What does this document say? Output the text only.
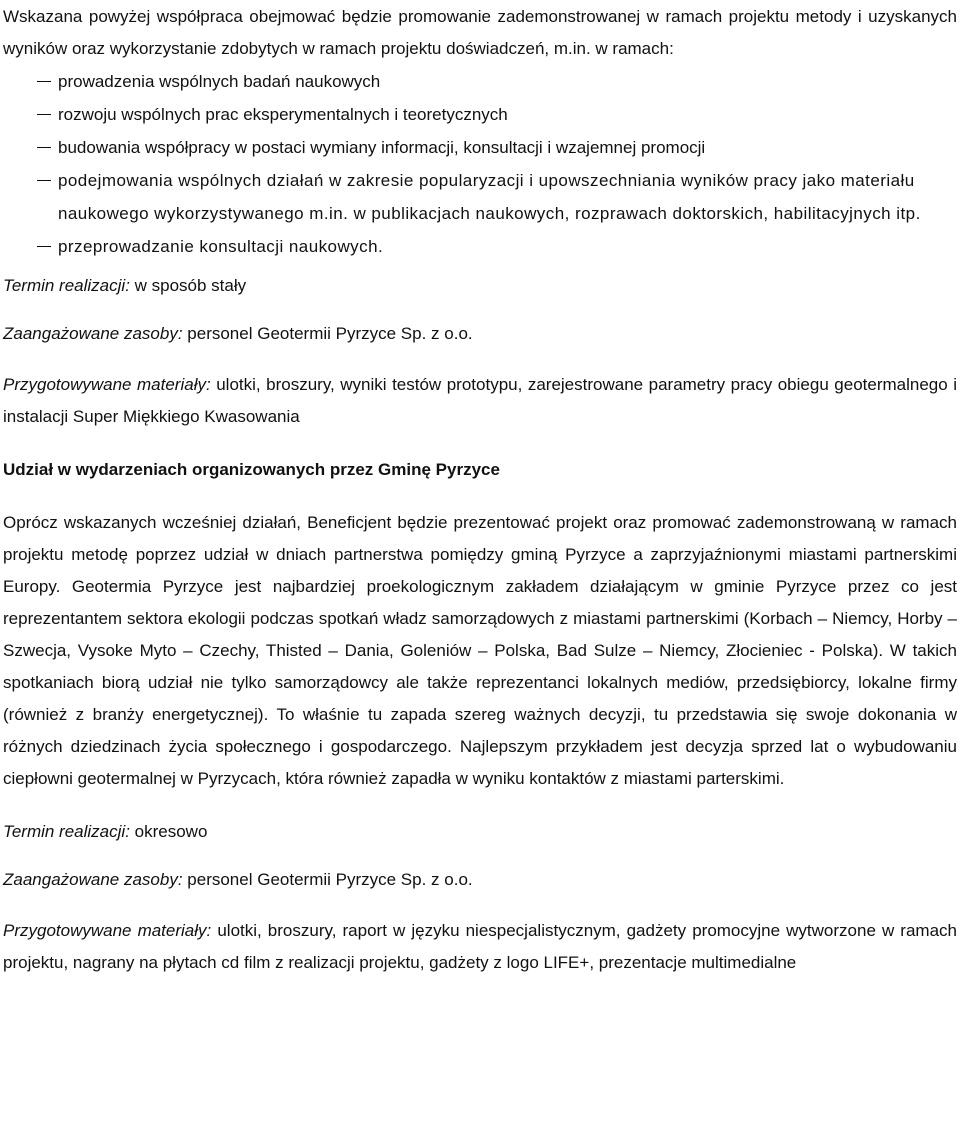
Wskazana powyżej współpraca obejmować będzie promowanie zademonstrowanej w ramach projektu metody i uzyskanych wyników oraz wykorzystanie zdobytych w ramach projektu doświadczeń, m.in. w ramach:

prowadzenia wspólnych badań naukowych
rozwoju wspólnych prac eksperymentalnych i teoretycznych
budowania współpracy w postaci wymiany informacji, konsultacji i wzajemnej promocji
podejmowania wspólnych działań w zakresie popularyzacji i upowszechniania wyników pracy jako materiału naukowego wykorzystywanego m.in. w publikacjach naukowych, rozprawach doktorskich, habilitacyjnych itp.
przeprowadzanie konsultacji naukowych.

Termin realizacji: w sposób stały

Zaangażowane zasoby: personel Geotermii Pyrzyce Sp. z o.o.

Przygotowywane materiały: ulotki, broszury, wyniki testów prototypu, zarejestrowane parametry pracy obiegu geotermalnego i instalacji Super Miękkiego Kwasowania

Udział w wydarzeniach organizowanych przez Gminę Pyrzyce

Oprócz wskazanych wcześniej działań, Beneficjent będzie prezentować projekt oraz promować zademonstrowaną w ramach projektu metodę poprzez udział w dniach partnerstwa pomiędzy gminą Pyrzyce a zaprzyjaźnionymi miastami partnerskimi Europy. Geotermia Pyrzyce jest najbardziej proekologicznym zakładem działającym w gminie Pyrzyce przez co jest reprezentantem sektora ekologii podczas spotkań władz samorządowych z miastami partnerskimi (Korbach – Niemcy, Horby – Szwecja, Vysoke Myto – Czechy, Thisted – Dania, Goleniów – Polska, Bad Sulze – Niemcy, Złocieniec - Polska). W takich spotkaniach biorą udział nie tylko samorządowcy ale także reprezentanci lokalnych mediów, przedsiębiorcy, lokalne firmy (również z branży energetycznej). To właśnie tu zapada szereg ważnych decyzji, tu przedstawia się swoje dokonania w różnych dziedzinach życia społecznego i gospodarczego. Najlepszym przykładem jest decyzja sprzed lat o wybudowaniu ciepłowni geotermalnej w Pyrzycach, która również zapadła w wyniku kontaktów z miastami parterskimi.

Termin realizacji: okresowo

Zaangażowane zasoby: personel Geotermii Pyrzyce Sp. z o.o.

Przygotowywane materiały: ulotki, broszury, raport w języku niespecjalistycznym, gadżety promocyjne wytworzone w ramach projektu, nagrany na płytach cd film z realizacji projektu, gadżety z logo LIFE+, prezentacje multimedialne
